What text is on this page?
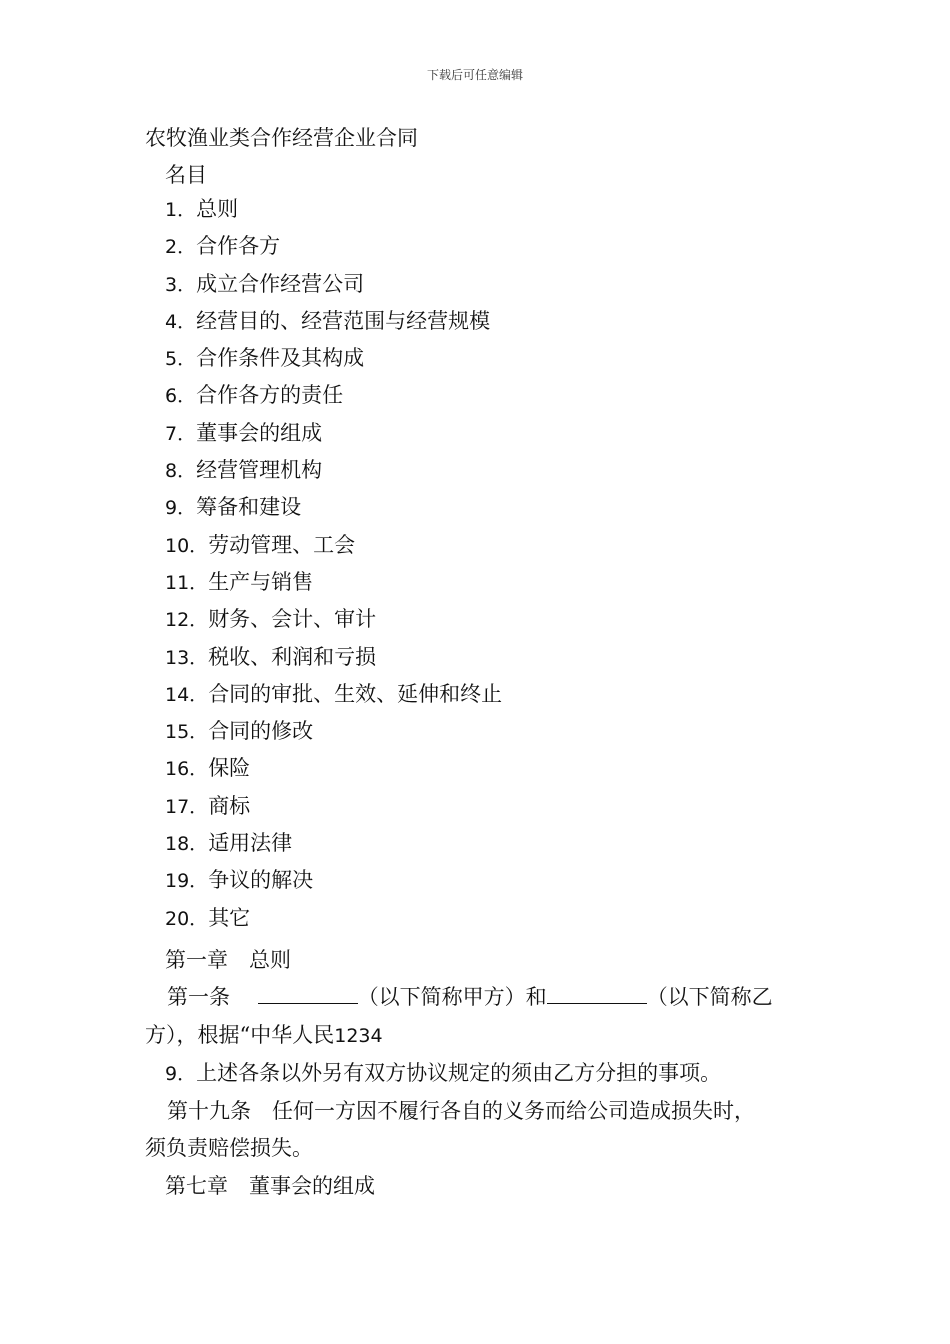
下载后可任意编辑
农牧渔业类合作经营企业合同
名目
1．总则
2．合作各方
3．成立合作经营公司
4．经营目的、经营范围与经营规模
5．合作条件及其构成
6．合作各方的责任
7．董事会的组成
8．经营管理机构
9．筹备和建设
10．劳动管理、工会
11．生产与销售
12．财务、会计、审计
13．税收、利润和亏损
14．合同的审批、生效、延伸和终止
15．合同的修改
16．保险
17．商标
18．适用法律
19．争议的解决
20．其它

第一章　总则

第一条　	（以下简称甲方）和	（以下简称乙

方），根据“中华人民1234

9．上述各条以外另有双方协议规定的须由乙方分担的事项。

第十九条　任何一方因不履行各自的义务而给公司造成损失时，

须负责赔偿损失。

第七章　董事会的组成
